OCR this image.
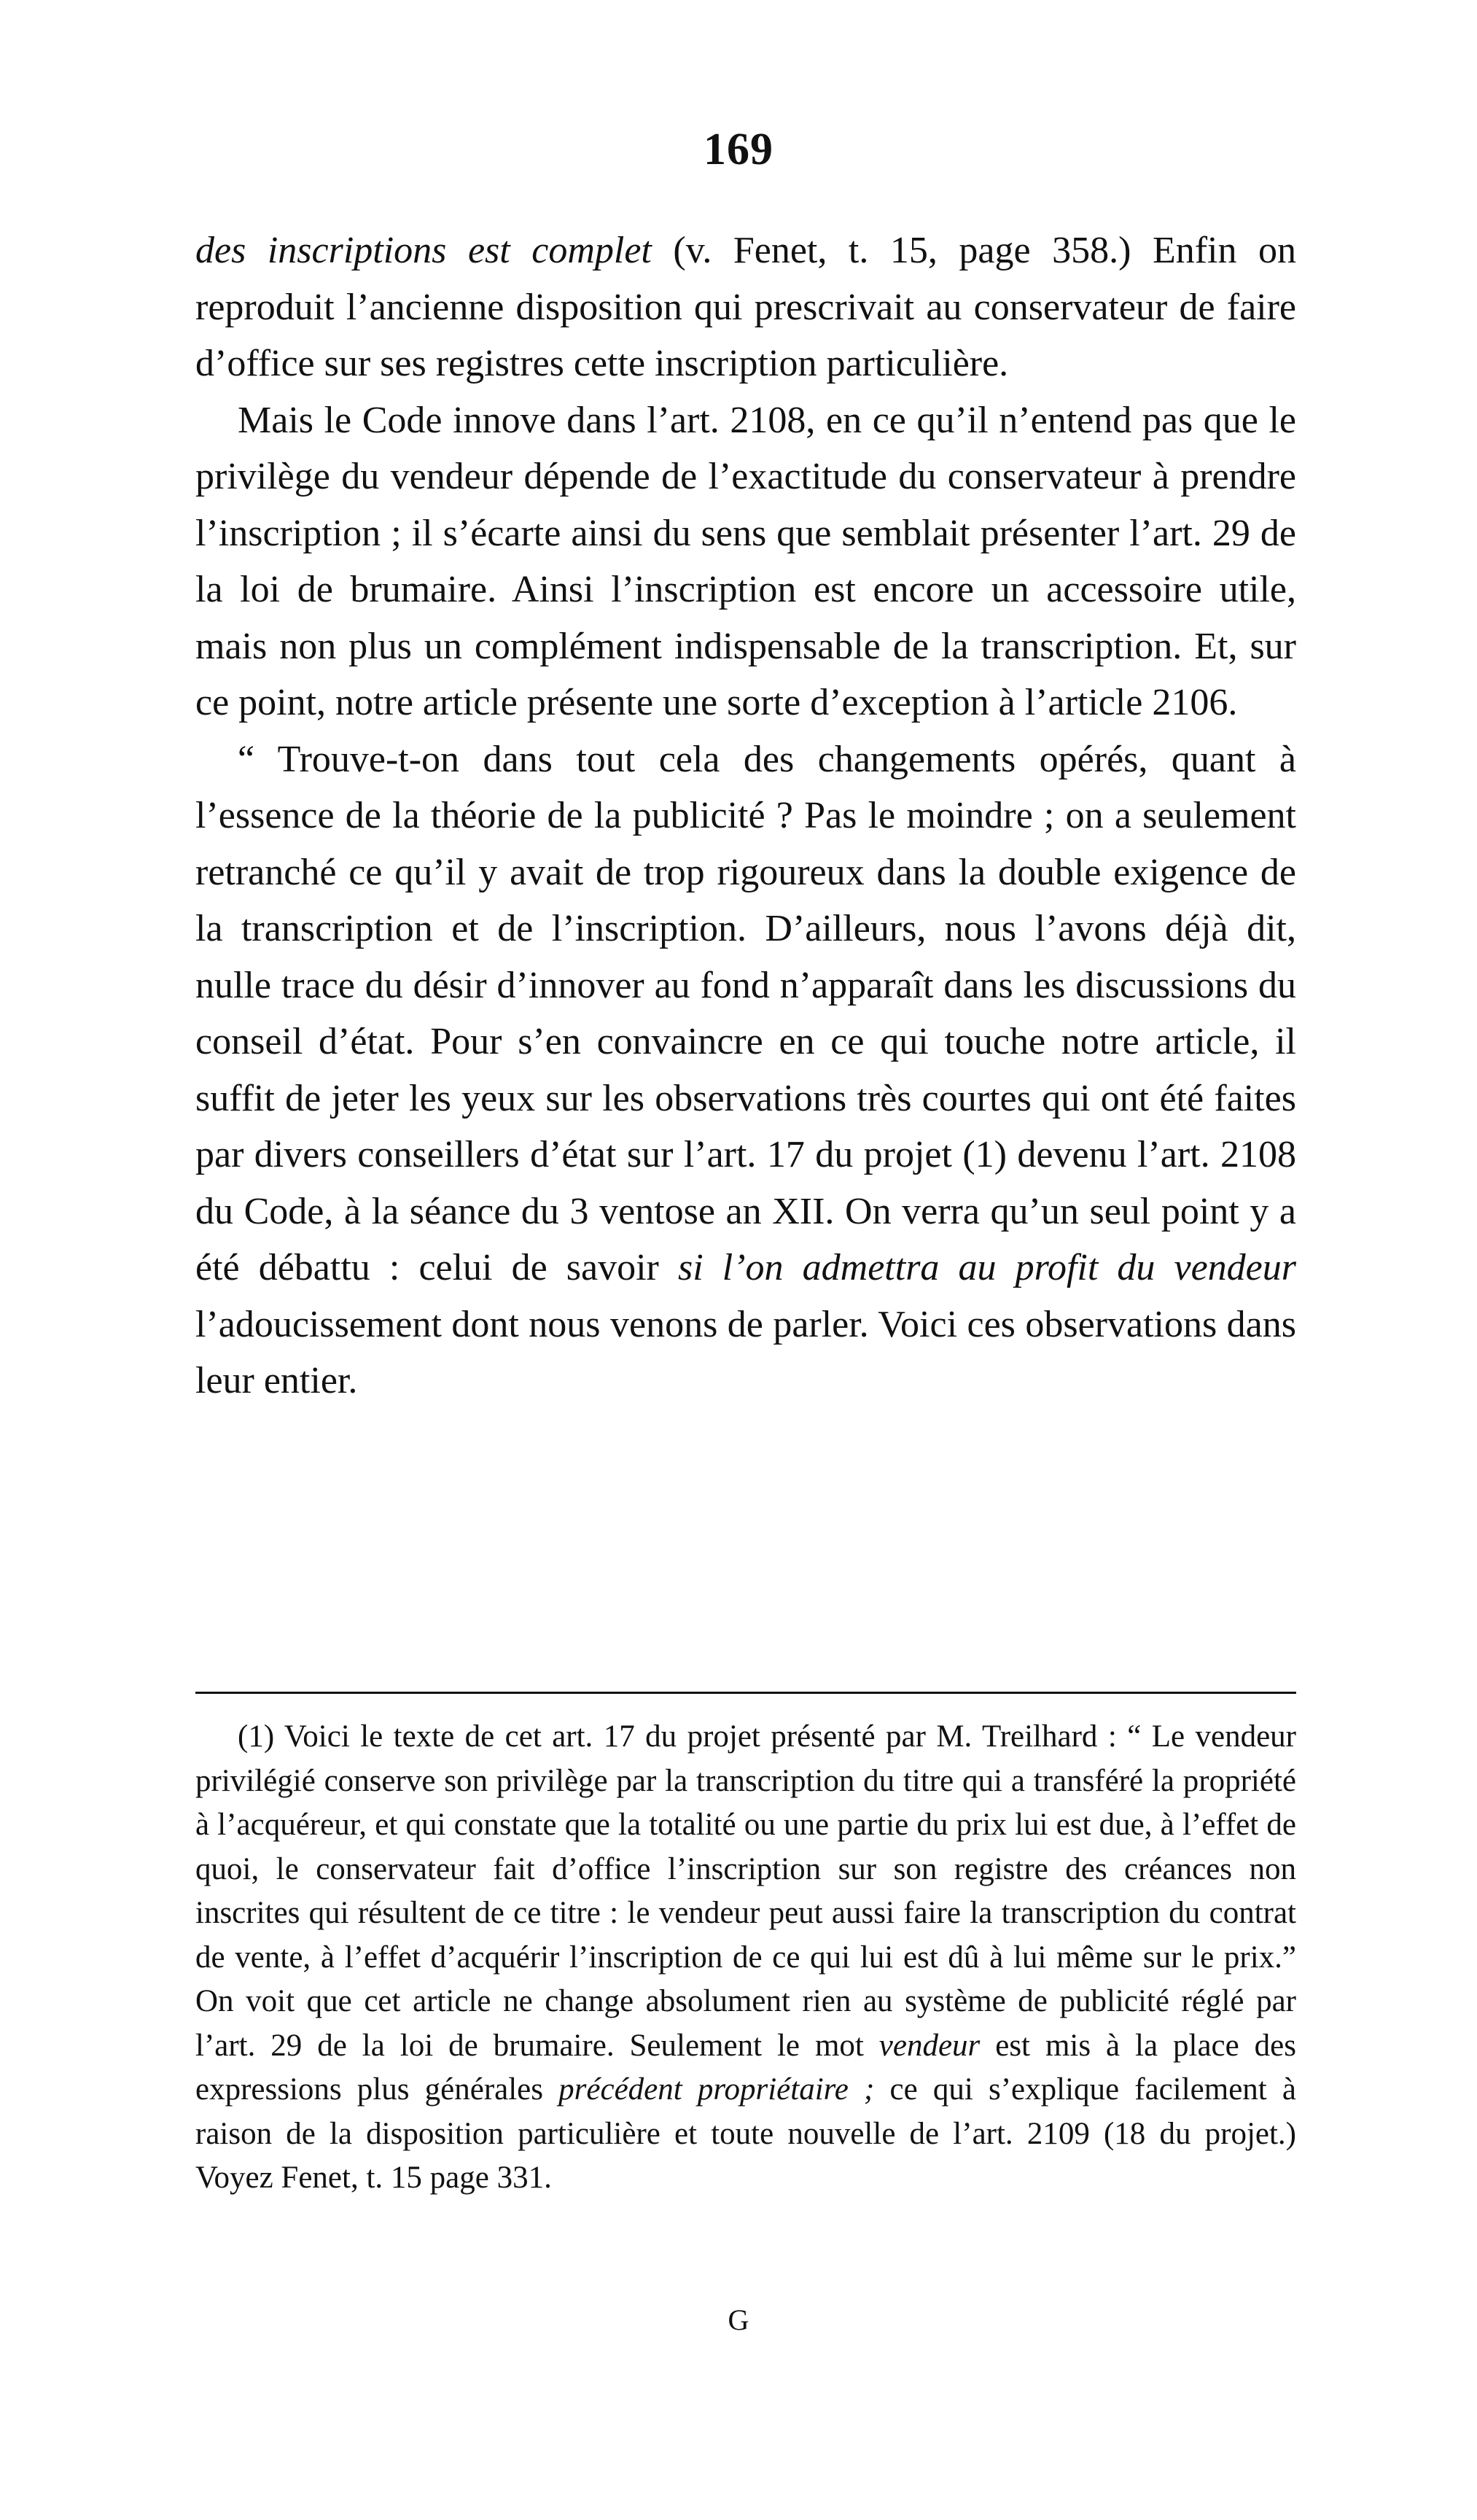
169

des inscriptions est complet (v. Fenet, t. 15, page 358.) Enfin on reproduit l’ancienne disposition qui prescrivait au conservateur de faire d’office sur ses registres cette inscription particulière.

Mais le Code innove dans l’art. 2108, en ce qu’il n’entend pas que le privilège du vendeur dépende de l’exactitude du conservateur à prendre l’inscription ; il s’écarte ainsi du sens que semblait présenter l’art. 29 de la loi de brumaire. Ainsi l’inscription est encore un accessoire utile, mais non plus un complément indispensable de la transcription. Et, sur ce point, notre article présente une sorte d’exception à l’article 2106.

“ Trouve-t-on dans tout cela des changements opérés, quant à l’essence de la théorie de la publicité ? Pas le moindre ; on a seulement retranché ce qu’il y avait de trop rigoureux dans la double exigence de la transcription et de l’inscription. D’ailleurs, nous l’avons déjà dit, nulle trace du désir d’innover au fond n’apparaît dans les discussions du conseil d’état. Pour s’en convaincre en ce qui touche notre article, il suffit de jeter les yeux sur les observations très courtes qui ont été faites par divers conseillers d’état sur l’art. 17 du projet (1) devenu l’art. 2108 du Code, à la séance du 3 ventose an XII. On verra qu’un seul point y a été débattu : celui de savoir si l’on admettra au profit du vendeur l’adoucissement dont nous venons de parler. Voici ces observations dans leur entier.

(1) Voici le texte de cet art. 17 du projet présenté par M. Treilhard : “ Le vendeur privilégié conserve son privilège par la transcription du titre qui a transféré la propriété à l’acquéreur, et qui constate que la totalité ou une partie du prix lui est due, à l’effet de quoi, le conservateur fait d’office l’inscription sur son registre des créances non inscrites qui résultent de ce titre : le vendeur peut aussi faire la transcription du contrat de vente, à l’effet d’acquérir l’inscription de ce qui lui est dû à lui même sur le prix.” On voit que cet article ne change absolument rien au système de publicité réglé par l’art. 29 de la loi de brumaire. Seulement le mot vendeur est mis à la place des expressions plus générales précédent propriétaire ; ce qui s’explique facilement à raison de la disposition particulière et toute nouvelle de l’art. 2109 (18 du projet.) Voyez Fenet, t. 15 page 331.

G
